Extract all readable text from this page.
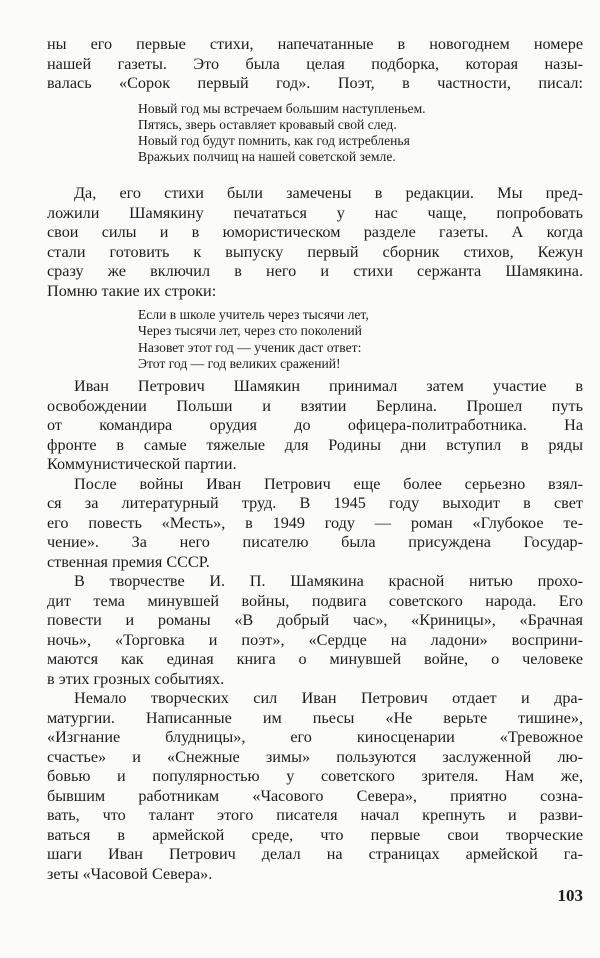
ны его первые стихи, напечатанные в новогоднем номере
нашей газеты. Это была целая подборка, которая назы-
валась «Сорок первый год». Поэт, в частности, писал:
Новый год мы встречаем большим наступленьем.
Пятясь, зверь оставляет кровавый свой след.
Новый год будут помнить, как год истребленья
Вражьих полчищ на нашей советской земле.
Да, его стихи были замечены в редакции. Мы пред-
ложили Шамякину печататься у нас чаще, попробовать
свои силы и в юмористическом разделе газеты. А когда
стали готовить к выпуску первый сборник стихов, Кежун
сразу же включил в него и стихи сержанта Шамякина.
Помню такие их строки:
Если в школе учитель через тысячи лет,
Через тысячи лет, через сто поколений
Назовет этот год — ученик даст ответ:
Этот год — год великих сражений!
Иван Петрович Шамякин принимал затем участие в
освобождении Польши и взятии Берлина. Прошел путь
от командира орудия до офицера-политработника. На
фронте в самые тяжелые для Родины дни вступил в ряды
Коммунистической партии.
После войны Иван Петрович еще более серьезно взял-
ся за литературный труд. В 1945 году выходит в свет
его повесть «Месть», в 1949 году — роман «Глубокое те-
чение». За него писателю была присуждена Государ-
ственная премия СССР.
В творчестве И. П. Шамякина красной нитью прохо-
дит тема минувшей войны, подвига советского народа. Его
повести и романы «В добрый час», «Криницы», «Брачная
ночь», «Торговка и поэт», «Сердце на ладони» восприни-
маются как единая книга о минувшей войне, о человеке
в этих грозных событиях.
Немало творческих сил Иван Петрович отдает и дра-
матургии. Написанные им пьесы «Не верьте тишине»,
«Изгнание блудницы», его киносценарии «Тревожное
счастье» и «Снежные зимы» пользуются заслуженной лю-
бовью и популярностью у советского зрителя. Нам же,
бывшим работникам «Часового Севера», приятно созна-
вать, что талант этого писателя начал крепнуть и разви-
ваться в армейской среде, что первые свои творческие
шаги Иван Петрович делал на страницах армейской га-
зеты «Часовой Севера».
103
